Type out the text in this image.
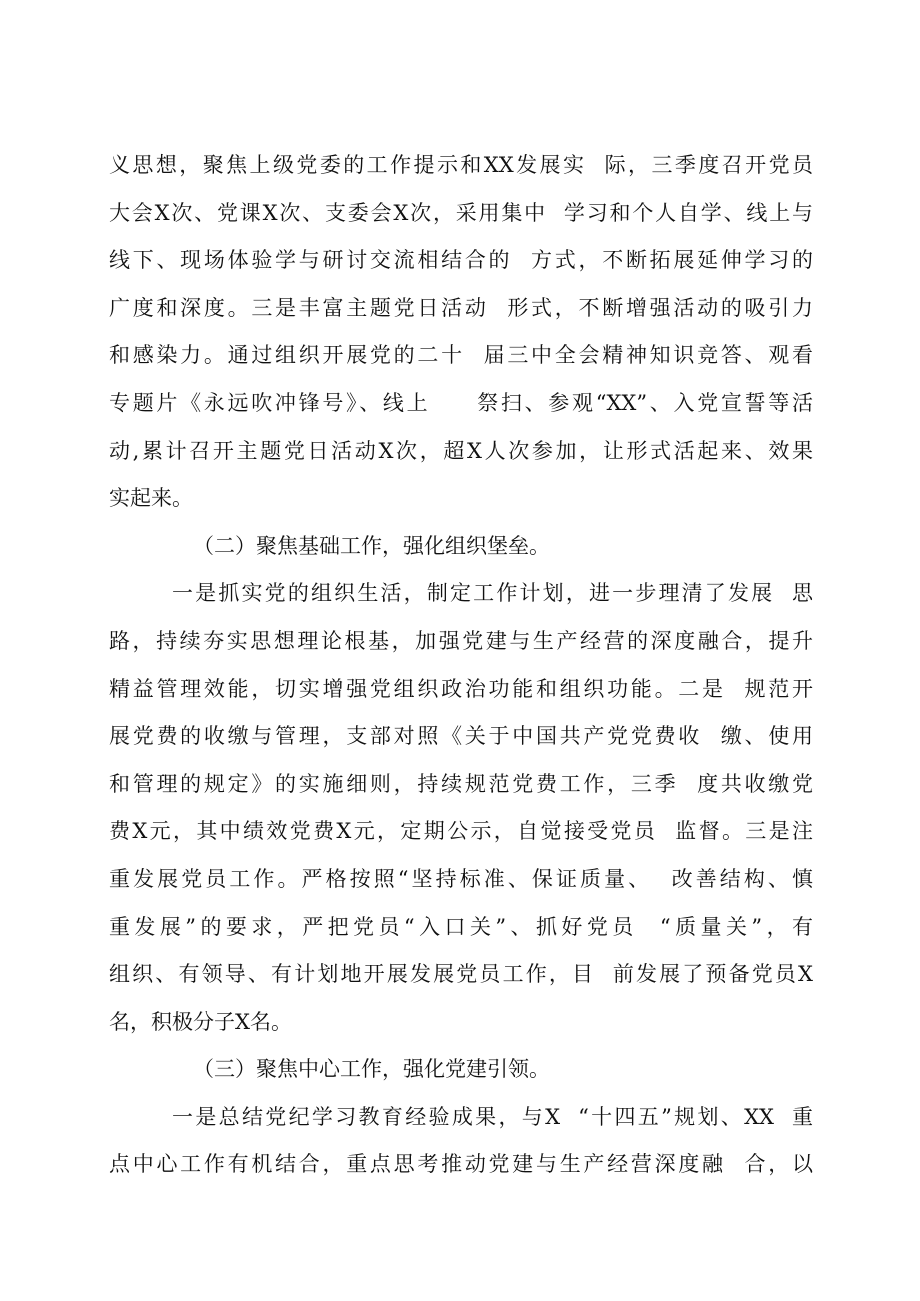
义思想，聚焦上级党委的工作提示和XX发展实  际，三季度召开党员
大会X次、党课X次、支委会X次，采用集中  学习和个人自学、线上与
线下、现场体验学与研讨交流相结合的  方式，不断拓展延伸学习的
广度和深度。三是丰富主题党日活动  形式，不断增强活动的吸引力
和感染力。通过组织开展党的二十  届三中全会精神知识竞答、观看
专题片《永远吹冲锋号》、线上     祭扫、参观“XX”、入党宣誓等活
动,累计召开主题党日活动X次，超X人次参加，让形式活起来、效果
实起来。
（二）聚焦基础工作，强化组织堡垒。
一是抓实党的组织生活，制定工作计划，进一步理清了发展  思
路，持续夯实思想理论根基，加强党建与生产经营的深度融合，提升
精益管理效能，切实增强党组织政治功能和组织功能。二是  规范开
展党费的收缴与管理，支部对照《关于中国共产党党费收  缴、使用
和管理的规定》的实施细则，持续规范党费工作，三季  度共收缴党
费X元，其中绩效党费X元，定期公示，自觉接受党员  监督。三是注
重发展党员工作。严格按照“坚持标准、保证质量、  改善结构、慎
重发展”的要求，严把党员“入口关”、抓好党员  “质量关”，有
组织、有领导、有计划地开展发展党员工作，目  前发展了预备党员X
名，积极分子X名。
（三）聚焦中心工作，强化党建引领。
一是总结党纪学习教育经验成果，与X  “十四五”规划、XX  重
点中心工作有机结合，重点思考推动党建与生产经营深度融  合，以
